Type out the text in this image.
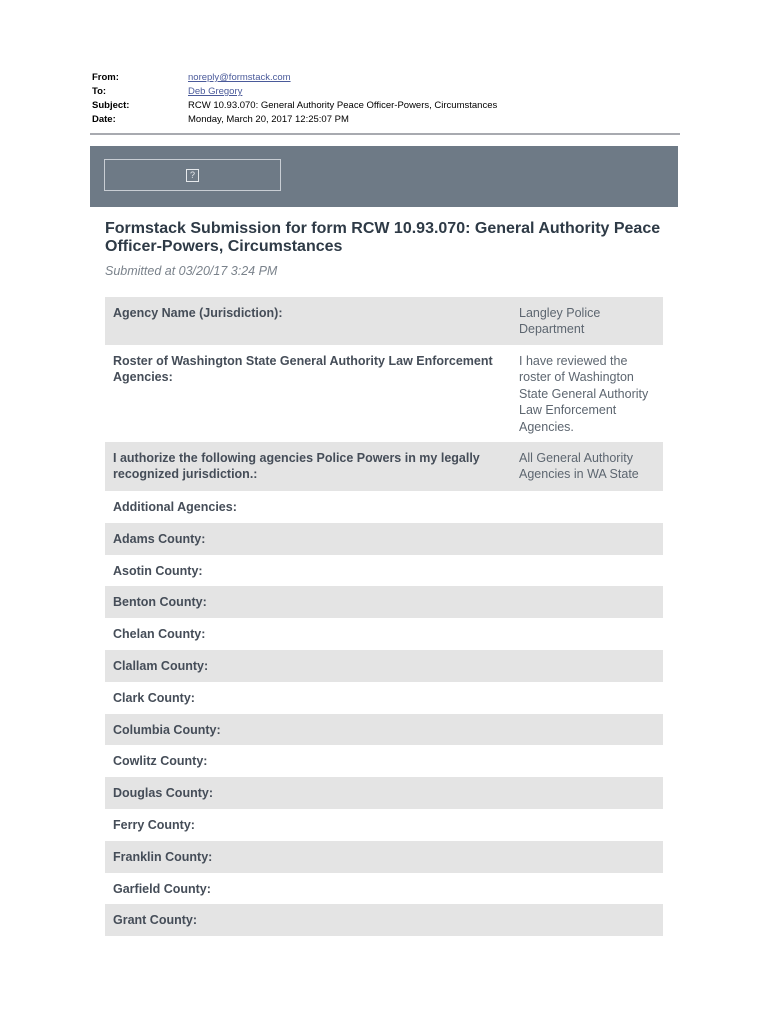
From:	noreply@formstack.com
To:	Deb Gregory
Subject:	RCW 10.93.070: General Authority Peace Officer-Powers, Circumstances
Date:	Monday, March 20, 2017 12:25:07 PM
?
Formstack Submission for form RCW 10.93.070: General Authority Peace Officer-Powers, Circumstances
Submitted at 03/20/17 3:24 PM
Agency Name (Jurisdiction):	Langley Police Department
Roster of Washington State General Authority Law Enforcement Agencies:
I have reviewed the roster of Washington State General Authority Law Enforcement Agencies.
I authorize the following agencies Police Powers in my legally recognized jurisdiction.:
All General Authority Agencies in WA State
Additional Agencies:
Adams County:
Asotin County:
Benton County:
Chelan County:
Clallam County:
Clark County:
Columbia County:
Cowlitz County:
Douglas County:
Ferry County:
Franklin County:
Garfield County:
Grant County:
